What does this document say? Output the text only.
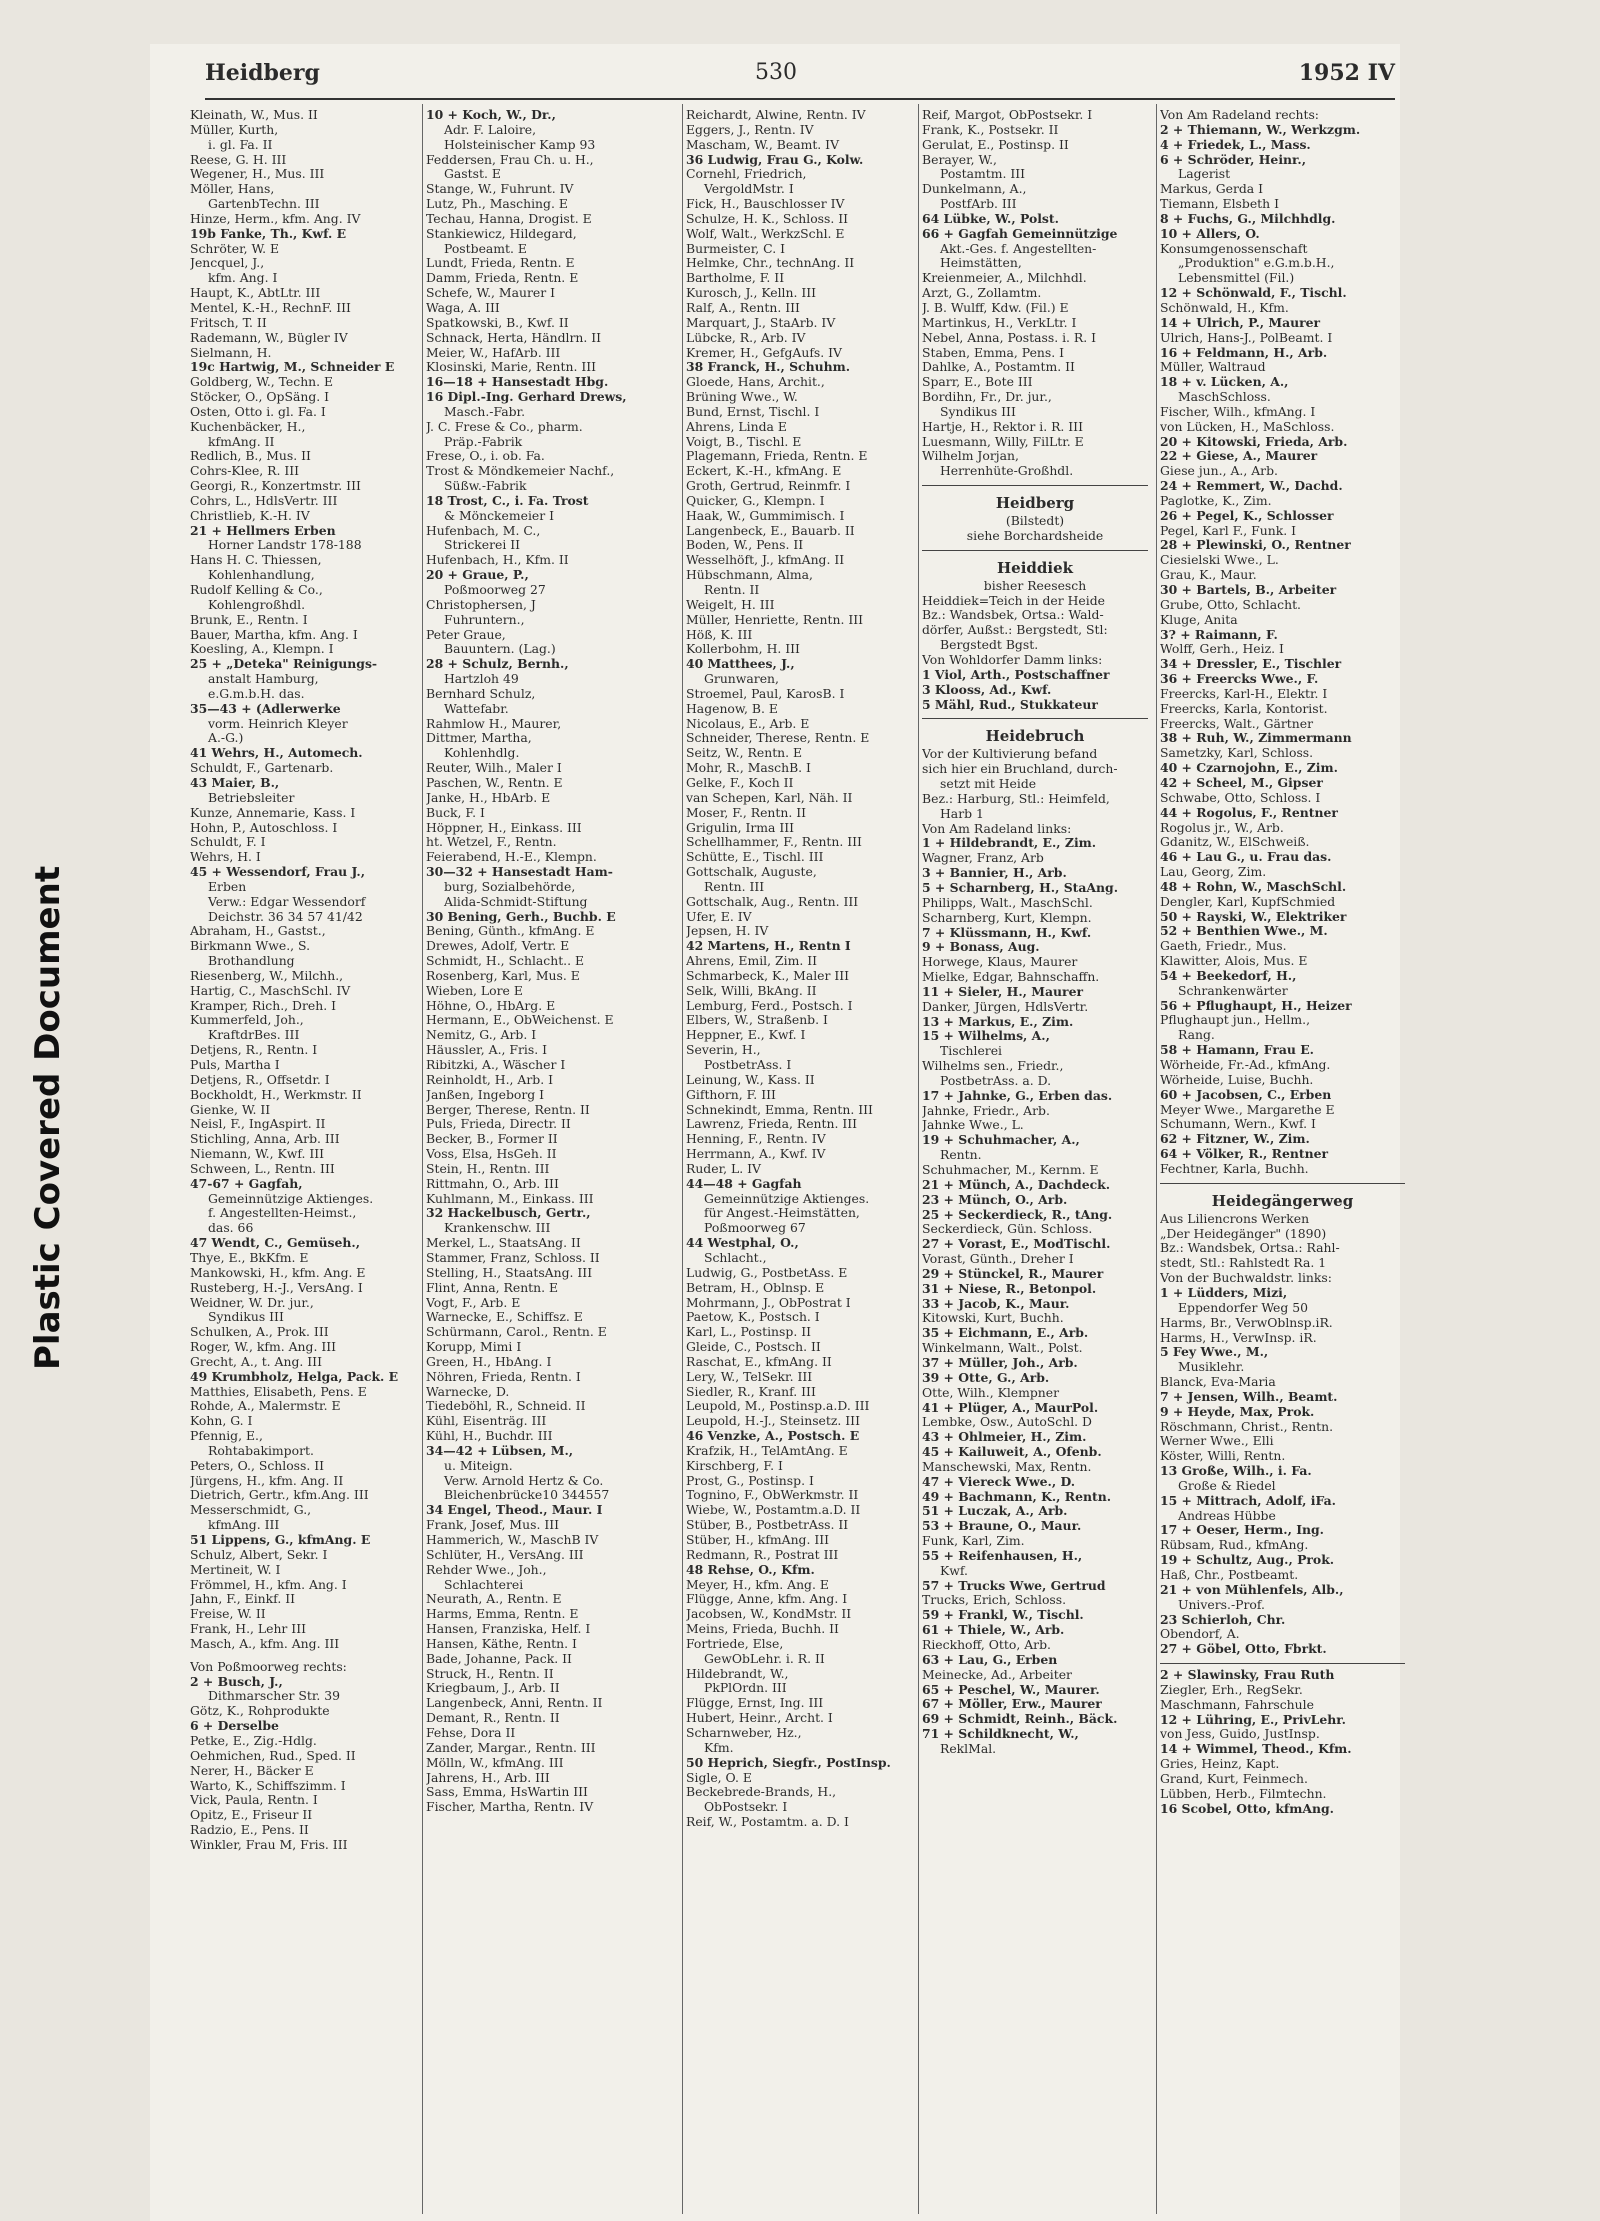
Plastic Covered Document
Heidberg	530	1952 IV
Kleinath, W., Mus. II
Müller, Kurth,
i. gl. Fa. II
Reese, G. H. III
Wegener, H., Mus. III
Möller, Hans,
GartenbTechn. III
Hinze, Herm., kfm. Ang. IV
19b Fanke, Th., Kwf. E
Schröter, W. E
Jencquel, J.,
kfm. Ang. I
Haupt, K., AbtLtr. III
Mentel, K.-H., RechnF. III
Fritsch, T. II
Rademann, W., Bügler IV
Sielmann, H.
19c Hartwig, M., Schneider E
Goldberg, W., Techn. E
Stöcker, O., OpSäng. I
Osten, Otto i. gl. Fa. I
Kuchenbäcker, H.,
kfmAng. II
Redlich, B., Mus. II
Cohrs-Klee, R. III
Georgi, R., Konzertmstr. III
Cohrs, L., HdlsVertr. III
Christlieb, K.-H. IV
21 + Hellmers Erben
Horner Landstr 178-188
Hans H. C. Thiessen,
Kohlenhandlung,
Rudolf Kelling & Co.,
Kohlengroßhdl.
Brunk, E., Rentn. I
Bauer, Martha, kfm. Ang. I
Koesling, A., Klempn. I
25 + „Deteka" Reinigungs-
anstalt Hamburg,
e.G.m.b.H. das.
35—43 + (Adlerwerke
vorm. Heinrich Kleyer
A.-G.)
41 Wehrs, H., Automech.
Schuldt, F., Gartenarb.
43 Maier, B.,
Betriebsleiter
Kunze, Annemarie, Kass. I
Hohn, P., Autoschloss. I
Schuldt, F. I
Wehrs, H. I
45 + Wessendorf, Frau J.,
Erben
Verw.: Edgar Wessendorf
Deichstr. 36 34 57 41/42
Abraham, H., Gastst.,
Birkmann Wwe., S.
Brothandlung
Riesenberg, W., Milchh.,
Hartig, C., MaschSchl. IV
Kramper, Rich., Dreh. I
Kummerfeld, Joh.,
KraftdrBes. III
Detjens, R., Rentn. I
Puls, Martha I
Detjens, R., Offsetdr. I
Bockholdt, H., Werkmstr. II
Gienke, W. II
Neisl, F., IngAspirt. II
Stichling, Anna, Arb. III
Niemann, W., Kwf. III
Schween, L., Rentn. III
47-67 + Gagfah,
Gemeinnützige Aktienges.
f. Angestellten-Heimst.,
das. 66
47 Wendt, C., Gemüseh.,
Thye, E., BkKfm. E
Mankowski, H., kfm. Ang. E
Rusteberg, H.-J., VersAng. I
Weidner, W. Dr. jur.,
Syndikus III
Schulken, A., Prok. III
Roger, W., kfm. Ang. III
Grecht, A., t. Ang. III
49 Krumbholz, Helga, Pack. E
Matthies, Elisabeth, Pens. E
Rohde, A., Malermstr. E
Kohn, G. I
Pfennig, E.,
Rohtabakimport.
Peters, O., Schloss. II
Jürgens, H., kfm. Ang. II
Dietrich, Gertr., kfm.Ang. III
Messerschmidt, G.,
kfmAng. III
51 Lippens, G., kfmAng. E
Schulz, Albert, Sekr. I
Mertineit, W. I
Frömmel, H., kfm. Ang. I
Jahn, F., Einkf. II
Freise, W. II
Frank, H., Lehr III
Masch, A., kfm. Ang. III
Von Poßmoorweg rechts:
2 + Busch, J.,
Dithmarscher Str. 39
Götz, K., Rohprodukte
6 + Derselbe
Petke, E., Zig.-Hdlg.
Oehmichen, Rud., Sped. II
Nerer, H., Bäcker E
Warto, K., Schiffszimm. I
Vick, Paula, Rentn. I
Opitz, E., Friseur II
Radzio, E., Pens. II
Winkler, Frau M, Fris. III
10 + Koch, W., Dr.,
Adr. F. Laloire,
Holsteinischer Kamp 93
Feddersen, Frau Ch. u. H.,
Gastst. E
Stange, W., Fuhrunt. IV
Lutz, Ph., Masching. E
Techau, Hanna, Drogist. E
Stankiewicz, Hildegard,
Postbeamt. E
Lundt, Frieda, Rentn. E
Damm, Frieda, Rentn. E
Schefe, W., Maurer I
Waga, A. III
Spatkowski, B., Kwf. II
Schnack, Herta, Händlrn. II
Meier, W., HafArb. III
Klosinski, Marie, Rentn. III
16—18 + Hansestadt Hbg.
16 Dipl.-Ing. Gerhard Drews,
Masch.-Fabr.
J. C. Frese & Co., pharm.
Präp.-Fabrik
Frese, O., i. ob. Fa.
Trost & Möndkemeier Nachf.,
Süßw.-Fabrik
18 Trost, C., i. Fa. Trost
& Mönckemeier I
Hufenbach, M. C.,
Strickerei II
Hufenbach, H., Kfm. II
20 + Graue, P.,
Poßmoorweg 27
Christophersen, J
Fuhruntern.,
Peter Graue,
Bauuntern. (Lag.)
28 + Schulz, Bernh.,
Hartzloh 49
Bernhard Schulz,
Wattefabr.
Rahmlow H., Maurer,
Dittmer, Martha,
Kohlenhdlg.
Reuter, Wilh., Maler I
Paschen, W., Rentn. E
Janke, H., HbArb. E
Buck, F. I
Höppner, H., Einkass. III
ht. Wetzel, F., Rentn.
Feierabend, H.-E., Klempn.
30—32 + Hansestadt Ham-
burg, Sozialbehörde,
Alida-Schmidt-Stiftung
30 Bening, Gerh., Buchb. E
Bening, Günth., kfmAng. E
Drewes, Adolf, Vertr. E
Schmidt, H., Schlacht.. E
Rosenberg, Karl, Mus. E
Wieben, Lore E
Höhne, O., HbArg. E
Hermann, E., ObWeichenst. E
Nemitz, G., Arb. I
Häussler, A., Fris. I
Ribitzki, A., Wäscher I
Reinholdt, H., Arb. I
Janßen, Ingeborg I
Berger, Therese, Rentn. II
Puls, Frieda, Directr. II
Becker, B., Former II
Voss, Elsa, HsGeh. II
Stein, H., Rentn. III
Rittmahn, O., Arb. III
Kuhlmann, M., Einkass. III
32 Hackelbusch, Gertr.,
Krankenschw. III
Merkel, L., StaatsAng. II
Stammer, Franz, Schloss. II
Stelling, H., StaatsAng. III
Flint, Anna, Rentn. E
Vogt, F., Arb. E
Warnecke, E., Schiffsz. E
Schürmann, Carol., Rentn. E
Korupp, Mimi I
Green, H., HbAng. I
Nöhren, Frieda, Rentn. I
Warnecke, D.
Tiedeböhl, R., Schneid. II
Kühl, Eisenträg. III
Kühl, H., Buchdr. III
34—42 + Lübsen, M.,
u. Miteign.
Verw. Arnold Hertz & Co.
Bleichenbrücke10 344557
34 Engel, Theod., Maur. I
Frank, Josef, Mus. III
Hammerich, W., MaschB IV
Schlüter, H., VersAng. III
Rehder Wwe., Joh.,
Schlachterei
Neurath, A., Rentn. E
Harms, Emma, Rentn. E
Hansen, Franziska, Helf. I
Hansen, Käthe, Rentn. I
Bade, Johanne, Pack. II
Struck, H., Rentn. II
Kriegbaum, J., Arb. II
Langenbeck, Anni, Rentn. II
Demant, R., Rentn. II
Fehse, Dora II
Zander, Margar., Rentn. III
Mölln, W., kfmAng. III
Jahrens, H., Arb. III
Sass, Emma, HsWartin III
Fischer, Martha, Rentn. IV
Reichardt, Alwine, Rentn. IV
Eggers, J., Rentn. IV
Mascham, W., Beamt. IV
36 Ludwig, Frau G., Kolw.
Cornehl, Friedrich,
VergoldMstr. I
Fick, H., Bauschlosser IV
Schulze, H. K., Schloss. II
Wolf, Walt., WerkzSchl. E
Burmeister, C. I
Helmke, Chr., technAng. II
Bartholme, F. II
Kurosch, J., Kelln. III
Ralf, A., Rentn. III
Marquart, J., StaArb. IV
Lübcke, R., Arb. IV
Kremer, H., GefgAufs. IV
38 Franck, H., Schuhm.
Gloede, Hans, Archit.,
Brüning Wwe., W.
Bund, Ernst, Tischl. I
Ahrens, Linda E
Voigt, B., Tischl. E
Plagemann, Frieda, Rentn. E
Eckert, K.-H., kfmAng. E
Groth, Gertrud, Reinmfr. I
Quicker, G., Klempn. I
Haak, W., Gummimisch. I
Langenbeck, E., Bauarb. II
Boden, W., Pens. II
Wesselhöft, J., kfmAng. II
Hübschmann, Alma,
Rentn. II
Weigelt, H. III
Müller, Henriette, Rentn. III
Höß, K. III
Kollerbohm, H. III
40 Matthees, J.,
Grunwaren,
Stroemel, Paul, KarosB. I
Hagenow, B. E
Nicolaus, E., Arb. E
Schneider, Therese, Rentn. E
Seitz, W., Rentn. E
Mohr, R., MaschB. I
Gelke, F., Koch II
van Schepen, Karl, Näh. II
Moser, F., Rentn. II
Grigulin, Irma III
Schellhammer, F., Rentn. III
Schütte, E., Tischl. III
Gottschalk, Auguste,
Rentn. III
Gottschalk, Aug., Rentn. III
Ufer, E. IV
Jepsen, H. IV
42 Martens, H., Rentn I
Ahrens, Emil, Zim. II
Schmarbeck, K., Maler III
Selk, Willi, BkAng. II
Lemburg, Ferd., Postsch. I
Elbers, W., Straßenb. I
Heppner, E., Kwf. I
Severin, H.,
PostbetrAss. I
Leinung, W., Kass. II
Gifthorn, F. III
Schnekindt, Emma, Rentn. III
Lawrenz, Frieda, Rentn. III
Henning, F., Rentn. IV
Herrmann, A., Kwf. IV
Ruder, L. IV
44—48 + Gagfah
Gemeinnützige Aktienges.
für Angest.-Heimstätten,
Poßmoorweg 67
44 Westphal, O.,
Schlacht.,
Ludwig, G., PostbetAss. E
Betram, H., Oblnsp. E
Mohrmann, J., ObPostrat I
Paetow, K., Postsch. I
Karl, L., Postinsp. II
Gleide, C., Postsch. II
Raschat, E., kfmAng. II
Lery, W., TelSekr. III
Siedler, R., Kranf. III
Leupold, M., Postinsp.a.D. III
Leupold, H.-J., Steinsetz. III
46 Venzke, A., Postsch. E
Krafzik, H., TelAmtAng. E
Kirschberg, F. I
Prost, G., Postinsp. I
Tognino, F., ObWerkmstr. II
Wiebe, W., Postamtm.a.D. II
Stüber, B., PostbetrAss. II
Stüber, H., kfmAng. III
Redmann, R., Postrat III
48 Rehse, O., Kfm.
Meyer, H., kfm. Ang. E
Flügge, Anne, kfm. Ang. I
Jacobsen, W., KondMstr. II
Meins, Frieda, Buchh. II
Fortriede, Else,
GewObLehr. i. R. II
Hildebrandt, W.,
PkPlOrdn. III
Flügge, Ernst, Ing. III
Hubert, Heinr., Archt. I
Scharnweber, Hz.,
Kfm.
50 Heprich, Siegfr., PostInsp.
Sigle, O. E
Beckebrede-Brands, H.,
ObPostsekr. I
Reif, W., Postamtm. a. D. I
Reif, Margot, ObPostsekr. I
Frank, K., Postsekr. II
Gerulat, E., Postinsp. II
Berayer, W.,
Postamtm. III
Dunkelmann, A.,
PostfArb. III
64 Lübke, W., Polst.
66 + Gagfah Gemeinnützige
Akt.-Ges. f. Angestellten-
Heimstätten,
Kreienmeier, A., Milchhdl.
Arzt, G., Zollamtm.
J. B. Wulff, Kdw. (Fil.) E
Martinkus, H., VerkLtr. I
Nebel, Anna, Postass. i. R. I
Staben, Emma, Pens. I
Dahlke, A., Postamtm. II
Sparr, E., Bote III
Bordihn, Fr., Dr. jur.,
Syndikus III
Hartje, H., Rektor i. R. III
Luesmann, Willy, FilLtr. E
Wilhelm Jorjan,
Herrenhüte-Großhdl.
Heidberg
(Bilstedt)
siehe Borchardsheide
Heiddiek
bisher Reesesch
Heiddiek=Teich in der Heide
Bz.: Wandsbek, Ortsa.: Wald-
dörfer, Außst.: Bergstedt, Stl:
Bergstedt Bgst.
Von Wohldorfer Damm links:
1 Viol, Arth., Postschaffner
3 Klooss, Ad., Kwf.
5 Mähl, Rud., Stukkateur
Heidebruch
Vor der Kultivierung befand
sich hier ein Bruchland, durch-
setzt mit Heide
Bez.: Harburg, Stl.: Heimfeld,
Harb 1
Von Am Radeland links:
1 + Hildebrandt, E., Zim.
Wagner, Franz, Arb
3 + Bannier, H., Arb.
5 + Scharnberg, H., StaAng.
Philipps, Walt., MaschSchl.
Scharnberg, Kurt, Klempn.
7 + Klüssmann, H., Kwf.
9 + Bonass, Aug.
Horwege, Klaus, Maurer
Mielke, Edgar, Bahnschaffn.
11 + Sieler, H., Maurer
Danker, Jürgen, HdlsVertr.
13 + Markus, E., Zim.
15 + Wilhelms, A.,
Tischlerei
Wilhelms sen., Friedr.,
PostbetrAss. a. D.
17 + Jahnke, G., Erben das.
Jahnke, Friedr., Arb.
Jahnke Wwe., L.
19 + Schuhmacher, A.,
Rentn.
Schuhmacher, M., Kernm. E
21 + Münch, A., Dachdeck.
23 + Münch, O., Arb.
25 + Seckerdieck, R., tAng.
Seckerdieck, Gün. Schloss.
27 + Vorast, E., ModTischl.
Vorast, Günth., Dreher I
29 + Stünckel, R., Maurer
31 + Niese, R., Betonpol.
33 + Jacob, K., Maur.
Kitowski, Kurt, Buchh.
35 + Eichmann, E., Arb.
Winkelmann, Walt., Polst.
37 + Müller, Joh., Arb.
39 + Otte, G., Arb.
Otte, Wilh., Klempner
41 + Plüger, A., MaurPol.
Lembke, Osw., AutoSchl. D
43 + Ohlmeier, H., Zim.
45 + Kailuweit, A., Ofenb.
Manschewski, Max, Rentn.
47 + Viereck Wwe., D.
49 + Bachmann, K., Rentn.
51 + Luczak, A., Arb.
53 + Braune, O., Maur.
Funk, Karl, Zim.
55 + Reifenhausen, H.,
Kwf.
57 + Trucks Wwe, Gertrud
Trucks, Erich, Schloss.
59 + Frankl, W., Tischl.
61 + Thiele, W., Arb.
Rieckhoff, Otto, Arb.
63 + Lau, G., Erben
Meinecke, Ad., Arbeiter
65 + Peschel, W., Maurer.
67 + Möller, Erw., Maurer
69 + Schmidt, Reinh., Bäck.
71 + Schildknecht, W.,
ReklMal.
Von Am Radeland rechts:
2 + Thiemann, W., Werkzgm.
4 + Friedek, L., Mass.
6 + Schröder, Heinr.,
Lagerist
Markus, Gerda I
Tiemann, Elsbeth I
8 + Fuchs, G., Milchhdlg.
10 + Allers, O.
Konsumgenossenschaft
„Produktion" e.G.m.b.H.,
Lebensmittel (Fil.)
12 + Schönwald, F., Tischl.
Schönwald, H., Kfm.
14 + Ulrich, P., Maurer
Ulrich, Hans-J., PolBeamt. I
16 + Feldmann, H., Arb.
Müller, Waltraud
18 + v. Lücken, A.,
MaschSchloss.
Fischer, Wilh., kfmAng. I
von Lücken, H., MaSchloss.
20 + Kitowski, Frieda, Arb.
22 + Giese, A., Maurer
Giese jun., A., Arb.
24 + Remmert, W., Dachd.
Paglotke, K., Zim.
26 + Pegel, K., Schlosser
Pegel, Karl F., Funk. I
28 + Plewinski, O., Rentner
Ciesielski Wwe., L.
Grau, K., Maur.
30 + Bartels, B., Arbeiter
Grube, Otto, Schlacht.
Kluge, Anita
3? + Raimann, F.
Wolff, Gerh., Heiz. I
34 + Dressler, E., Tischler
36 + Freercks Wwe., F.
Freercks, Karl-H., Elektr. I
Freercks, Karla, Kontorist.
Freercks, Walt., Gärtner
38 + Ruh, W., Zimmermann
Sametzky, Karl, Schloss.
40 + Czarnojohn, E., Zim.
42 + Scheel, M., Gipser
Schwabe, Otto, Schloss. I
44 + Rogolus, F., Rentner
Rogolus jr., W., Arb.
Gdanitz, W., ElSchweiß.
46 + Lau G., u. Frau das.
Lau, Georg, Zim.
48 + Rohn, W., MaschSchl.
Dengler, Karl, KupfSchmied
50 + Rayski, W., Elektriker
52 + Benthien Wwe., M.
Gaeth, Friedr., Mus.
Klawitter, Alois, Mus. E
54 + Beekedorf, H.,
Schrankenwärter
56 + Pflughaupt, H., Heizer
Pflughaupt jun., Hellm.,
Rang.
58 + Hamann, Frau E.
Wörheide, Fr.-Ad., kfmAng.
Wörheide, Luise, Buchh.
60 + Jacobsen, C., Erben
Meyer Wwe., Margarethe E
Schumann, Wern., Kwf. I
62 + Fitzner, W., Zim.
64 + Völker, R., Rentner
Fechtner, Karla, Buchh.
Heidegängerweg
Aus Liliencrons Werken
„Der Heidegänger" (1890)
Bz.: Wandsbek, Ortsa.: Rahl-
stedt, Stl.: Rahlstedt Ra. 1
Von der Buchwaldstr. links:
1 + Lüdders, Mizi,
Eppendorfer Weg 50
Harms, Br., VerwOblnsp.iR.
Harms, H., VerwInsp. iR.
5 Fey Wwe., M.,
Musiklehr.
Blanck, Eva-Maria
7 + Jensen, Wilh., Beamt.
9 + Heyde, Max, Prok.
Röschmann, Christ., Rentn.
Werner Wwe., Elli
Köster, Willi, Rentn.
13 Große, Wilh., i. Fa.
Große & Riedel
15 + Mittrach, Adolf, iFa.
Andreas Hübbe
17 + Oeser, Herm., Ing.
Rübsam, Rud., kfmAng.
19 + Schultz, Aug., Prok.
Haß, Chr., Postbeamt.
21 + von Mühlenfels, Alb.,
Univers.-Prof.
23 Schierloh, Chr.
Obendorf, A.
27 + Göbel, Otto, Fbrkt.
2 + Slawinsky, Frau Ruth
Ziegler, Erh., RegSekr.
Maschmann, Fahrschule
12 + Lühring, E., PrivLehr.
von Jess, Guido, JustInsp.
14 + Wimmel, Theod., Kfm.
Gries, Heinz, Kapt.
Grand, Kurt, Feinmech.
Lübben, Herb., Filmtechn.
16 Scobel, Otto, kfmAng.
